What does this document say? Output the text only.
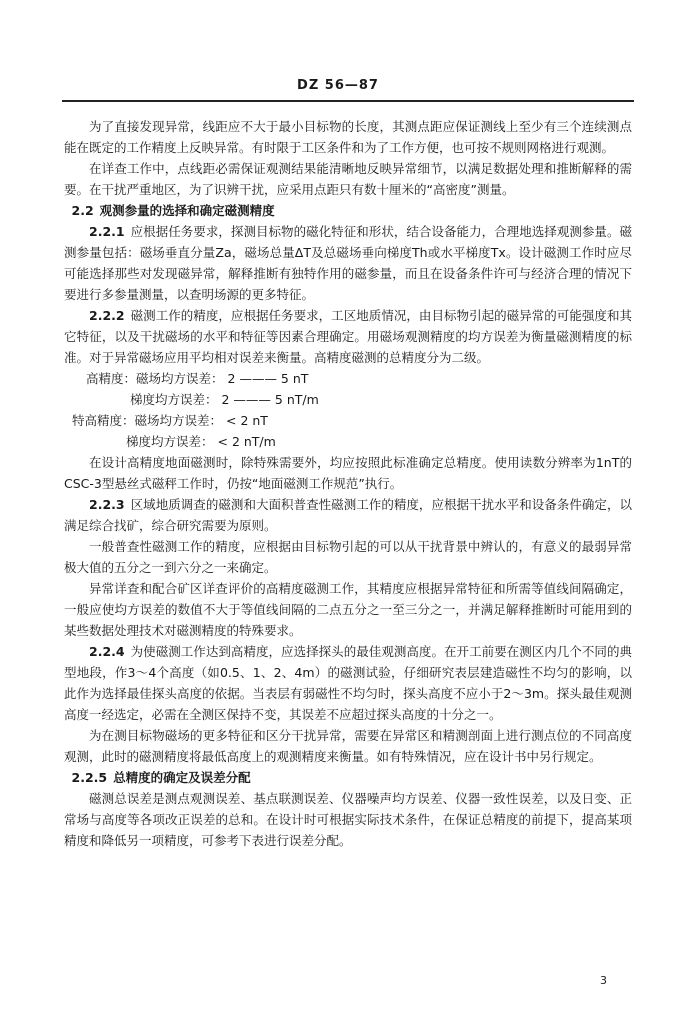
DZ 56—87

为了直接发现异常，线距应不大于最小目标物的长度，其测点距应保证测线上至少有三个连续测点能在既定的工作精度上反映异常。有时限于工区条件和为了工作方便，也可按不规则网格进行观测。

在详查工作中，点线距必需保证观测结果能清晰地反映异常细节，以满足数据处理和推断解释的需要。在干扰严重地区，为了识辨干扰，应采用点距只有数十厘米的“高密度”测量。

2.2 观测参量的选择和确定磁测精度

2.2.1 应根据任务要求，探测目标物的磁化特征和形状，结合设备能力，合理地选择观测参量。磁测参量包括：磁场垂直分量Za，磁场总量ΔT及总磁场垂向梯度Th或水平梯度Tx。设计磁测工作时应尽可能选择那些对发现磁异常，解释推断有独特作用的磁参量，而且在设备条件许可与经济合理的情况下要进行多参量测量，以查明场源的更多特征。

2.2.2 磁测工作的精度，应根据任务要求，工区地质情况，由目标物引起的磁异常的可能强度和其它特征，以及干扰磁场的水平和特征等因素合理确定。用磁场观测精度的均方误差为衡量磁测精度的标准。对于异常磁场应用平均相对误差来衡量。高精度磁测的总精度分为二级。

高精度：磁场均方误差： 2 ——— 5 nT
梯度均方误差： 2 ——— 5 nT/m
特高精度：磁场均方误差： < 2 nT
梯度均方误差： < 2 nT/m

在设计高精度地面磁测时，除特殊需要外，均应按照此标准确定总精度。使用读数分辨率为1nT的CSC-3型悬丝式磁秤工作时，仍按“地面磁测工作规范”执行。

2.2.3 区域地质调查的磁测和大面积普查性磁测工作的精度，应根据干扰水平和设备条件确定，以满足综合找矿，综合研究需要为原则。

一般普查性磁测工作的精度，应根据由目标物引起的可以从干扰背景中辨认的，有意义的最弱异常极大值的五分之一到六分之一来确定。

异常详查和配合矿区详查评价的高精度磁测工作，其精度应根据异常特征和所需等值线间隔确定，一般应使均方误差的数值不大于等值线间隔的二点五分之一至三分之一，并满足解释推断时可能用到的某些数据处理技术对磁测精度的特殊要求。

2.2.4 为使磁测工作达到高精度，应选择探头的最佳观测高度。在开工前要在测区内几个不同的典型地段，作3～4个高度（如0.5、1、2、4m）的磁测试验，仔细研究表层建造磁性不均匀的影响，以此作为选择最佳探头高度的依据。当表层有弱磁性不均匀时，探头高度不应小于2～3m。探头最佳观测高度一经选定，必需在全测区保持不变，其误差不应超过探头高度的十分之一。

为在测目标物磁场的更多特征和区分干扰异常，需要在异常区和精测剖面上进行测点位的不同高度观测，此时的磁测精度将最低高度上的观测精度来衡量。如有特殊情况，应在设计书中另行规定。

2.2.5 总精度的确定及误差分配

磁测总误差是测点观测误差、基点联测误差、仪器噪声均方误差、仪器一致性误差，以及日变、正常场与高度等各项改正误差的总和。在设计时可根据实际技术条件，在保证总精度的前提下，提高某项精度和降低另一项精度，可参考下表进行误差分配。

3
